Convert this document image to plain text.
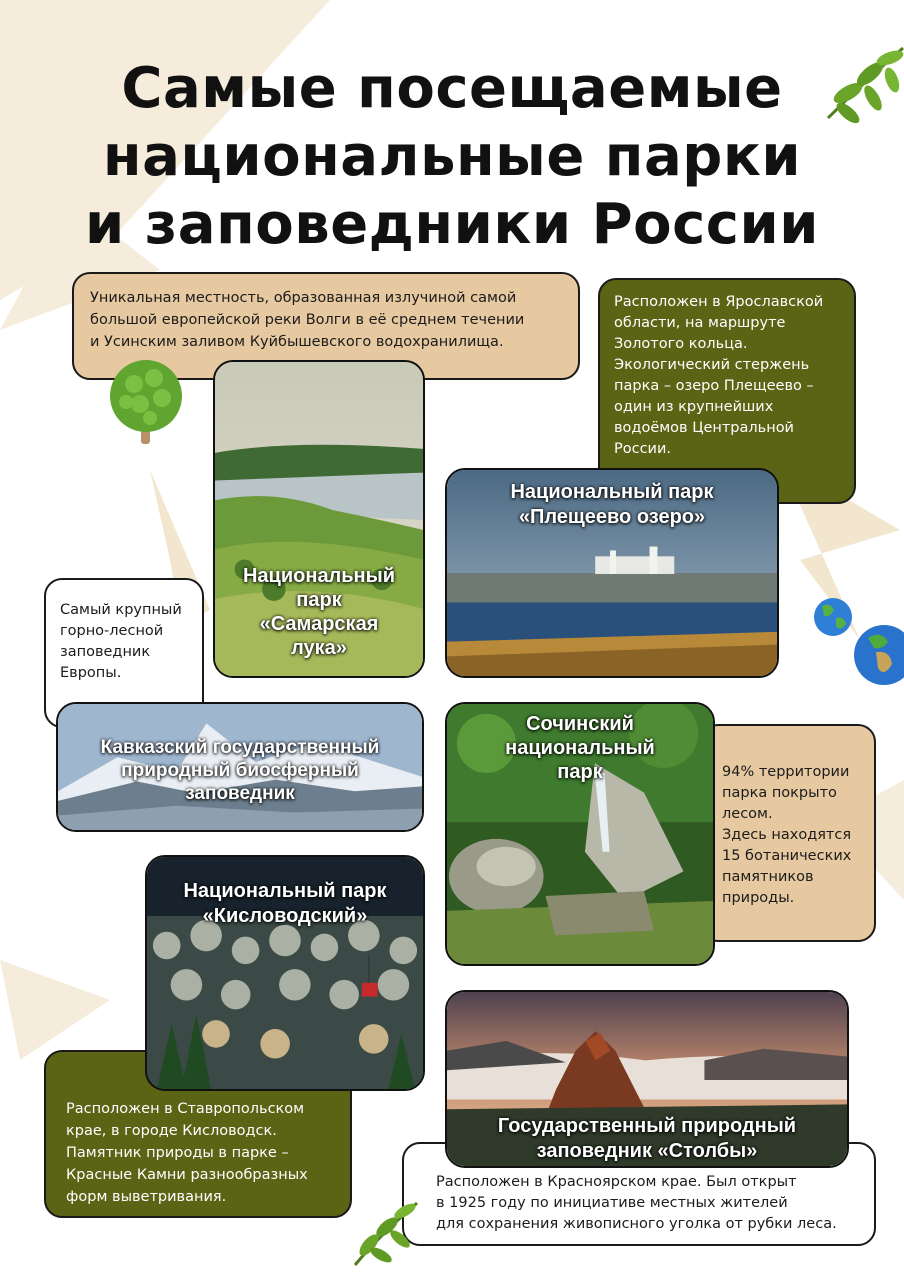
Самые посещаемые
национальные парки
и заповедники России
Уникальная местность, образованная излучиной самой
большой европейской реки Волги в её среднем течении
и Усинским заливом Куйбышевского водохранилища.
Расположен в Ярославской
области, на маршруте
Золотого кольца.
Экологический стержень
парка – озеро Плещеево –
один из крупнейших
водоёмов Центральной
России.
Национальный
парк
«Самарская
лука»
Национальный парк
«Плещеево озеро»
Самый крупный
горно-лесной
заповедник
Европы.
Кавказский государственный
природный биосферный
заповедник
94% территории
парка покрыто
лесом.
Здесь находятся
15 ботанических
памятников
природы.
Сочинский
национальный
парк
Расположен в Ставропольском
крае, в городе Кисловодск.
Памятник природы в парке –
Красные Камни разнообразных
форм выветривания.
Национальный парк
«Кисловодский»
Расположен в Красноярском крае. Был открыт
в 1925 году по инициативе местных жителей
для сохранения живописного уголка от рубки леса.
Государственный природный
заповедник «Столбы»
